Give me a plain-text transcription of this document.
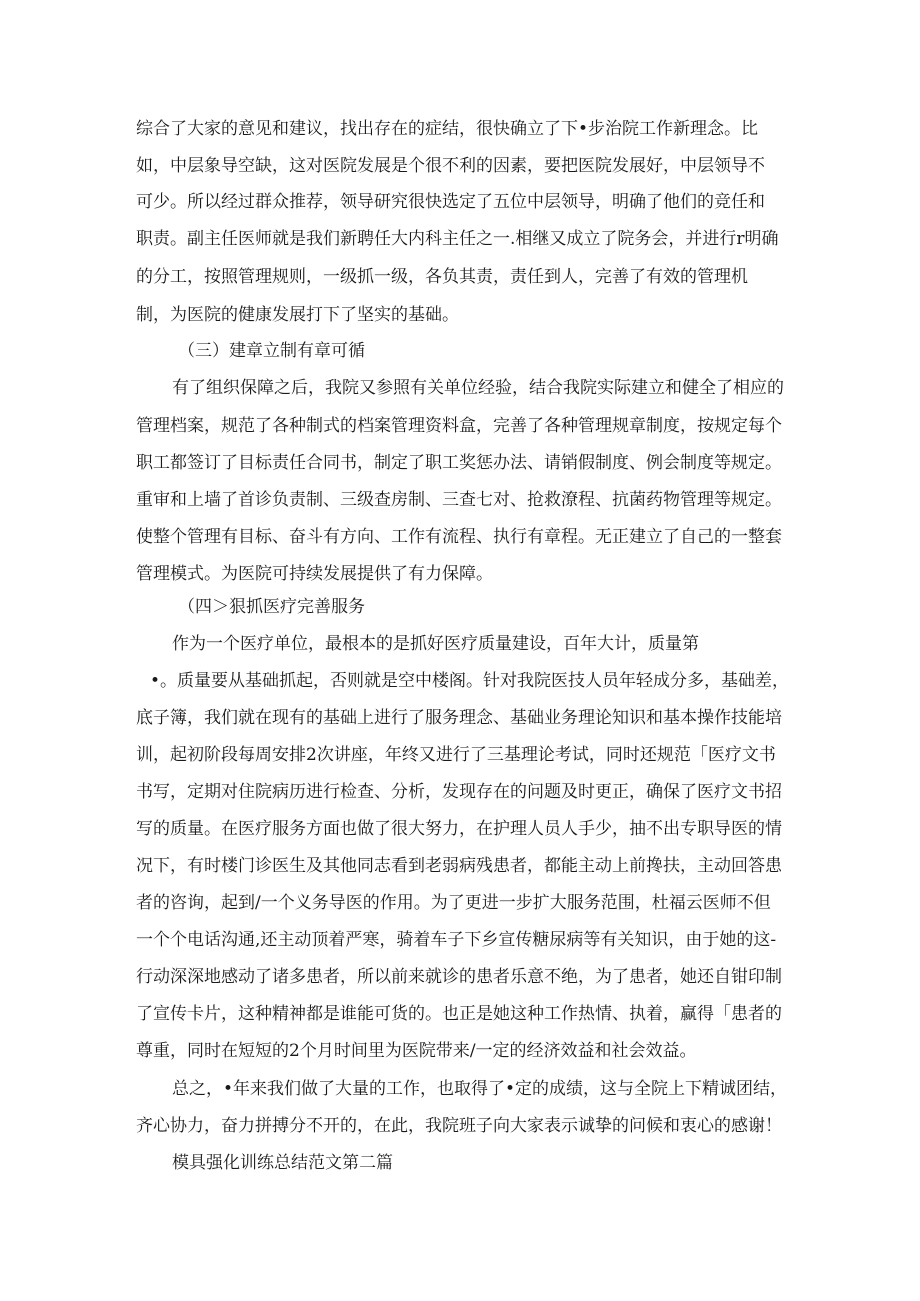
综合了大家的意见和建议，找出存在的症结，很快确立了下•步治院工作新理念。比
如，中层象导空缺，这对医院发展是个很不利的因素，要把医院发展好，中层领导不
可少。所以经过群众推荐，领导研究很快选定了五位中层领导，明确了他们的竞任和
职责。副主任医师就是我们新聘任大内科主任之一.相继又成立了院务会，并进行r明确
的分工，按照管理规则，一级抓一级，各负其责，责任到人，完善了有效的管理机
制，为医院的健康发展打下了坚实的基础。
（三）建章立制有章可循
有了组织保障之后，我院又参照有关单位经验，结合我院实际建立和健全了相应的
管理档案，规范了各种制式的档案管理资料盒，完善了各种管理规章制度，按规定每个
职工都签订了目标责任合同书，制定了职工奖惩办法、请销假制度、例会制度等规定。
重审和上墙了首诊负责制、三级查房制、三查七对、抢救潦程、抗菌药物管理等规定。
使整个管理有目标、奋斗有方向、工作有流程、执行有章程。无正建立了自己的一整套
管理模式。为医院可持续发展提供了有力保障。
（四＞狠抓医疗完善服务
作为一个医疗单位，最根本的是抓好医疗质量建设，百年大计，质量第
•。质量要从基础抓起，否则就是空中楼阁。针对我院医技人员年轻成分多，基础差，
底子簿，我们就在现有的基础上进行了服务理念、基础业务理论知识和基本操作技能培
训，起初阶段每周安排2次讲座，年终又进行了三基理论考试，同时还规范「医疗文书
书写，定期对住院病历进行检查、分析，发现存在的问题及时更正，确保了医疗文书招
写的质量。在医疗服务方面也做了很大努力，在护理人员人手少，抽不出专职导医的情
况下，有时楼门诊医生及其他同志看到老弱病残患者，都能主动上前搀扶，主动回答患
者的咨询，起到/一个义务导医的作用。为了更进一步扩大服务范围，杜福云医师不但
一个个电话沟通,还主动顶着严寒，骑着车子下乡宣传糖尿病等有关知识，由于她的这-
行动深深地感动了诸多患者，所以前来就诊的患者乐意不绝，为了患者，她还自钳印制
了宣传卡片，这种精神都是谁能可货的。也正是她这种工作热情、执着，赢得「患者的
尊重，同时在短短的2个月时间里为医院带来/一定的经济效益和社会效益。
总之，•年来我们做了大量的工作，也取得了•定的成绩，这与全院上下精诚团结，
齐心协力，奋力拼搏分不开的，在此，我院班子向大家表示诚挚的问候和衷心的感谢！
模具强化训练总结范文第二篇
